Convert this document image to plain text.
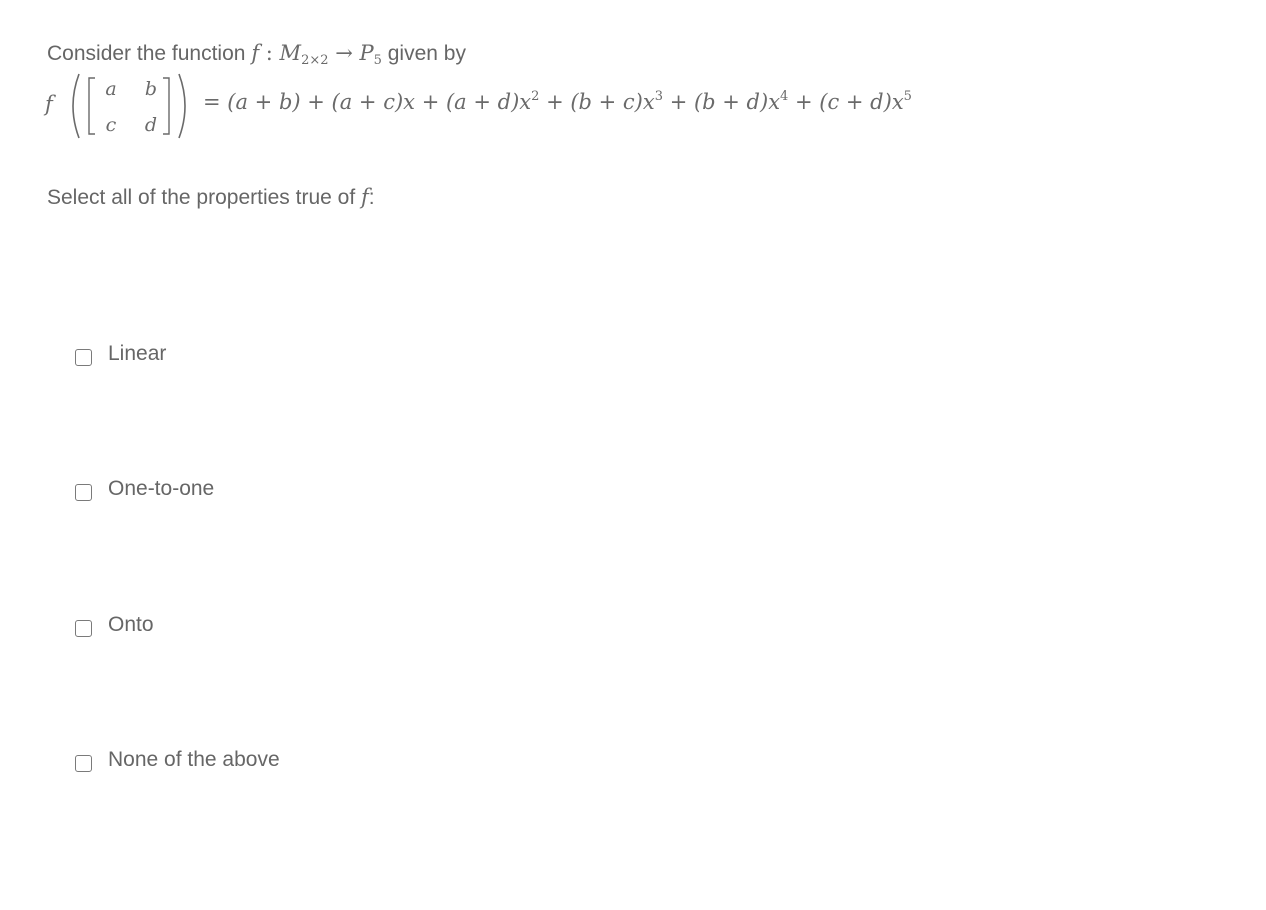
Consider the function f : $M_{2\times 2} \to P_5$ given by
f
a b
c d
= $(a + b) + (a + c)x + (a + d)x^2 + (b + c)x^3 + (b + d)x^4 + (c + d)x^5$
Select all of the properties true of f:
Linear
One-to-one
Onto
None of the above
